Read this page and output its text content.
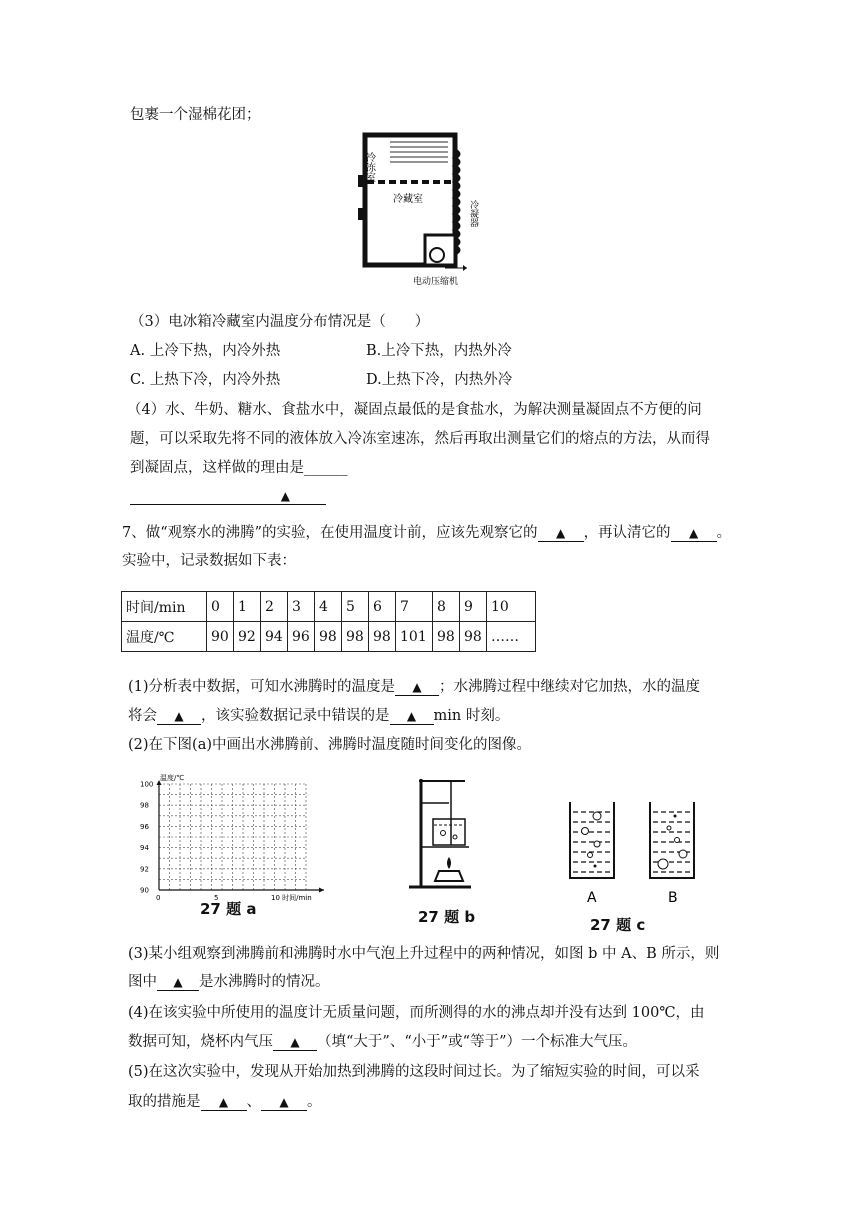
包裹一个湿棉花团；
冷冻室
冷藏室
冷凝器
电动压缩机
（3）电冰箱冷藏室内温度分布情况是（　　）
A. 上冷下热，内冷外热	B.上冷下热，内热外冷
C. 上热下冷，内冷外热	D.上热下冷，内热外冷
（4）水、牛奶、糖水、食盐水中，凝固点最低的是食盐水，为解决测量凝固点不方便的问
题，可以采取先将不同的液体放入冷冻室速冻，然后再取出测量它们的熔点的方法，从而得
到凝固点，这样做的理由是______
▲
7、做“观察水的沸腾”的实验，在使用温度计前，应该先观察它的 ▲ ，再认清它的 ▲ 。
实验中，记录数据如下表：
时间/min	0	1	2	3	4	5	6	7	8	9	10
温度/℃	90	92	94	96	98	98	98	101	98	98	……
(1)分析表中数据，可知水沸腾时的温度是 ▲ ；水沸腾过程中继续对它加热，水的温度
将会 ▲ ，该实验数据记录中错误的是 ▲ min 时刻。
(2)在下图(a)中画出水沸腾前、沸腾时温度随时间变化的图像。
温度/℃
100
98
96
94
92
90
0	5	10 时间/min
27 题 a	27 题 b
A	B
27 题 c
(3)某小组观察到沸腾前和沸腾时水中气泡上升过程中的两种情况，如图 b 中 A、B 所示，则
图中 ▲ 是水沸腾时的情况。
(4)在该实验中所使用的温度计无质量问题，而所测得的水的沸点却并没有达到 100℃，由
数据可知，烧杯内气压 ▲ （填“大于”、“小于”或“等于”）一个标准大气压。
(5)在这次实验中，发现从开始加热到沸腾的这段时间过长。为了缩短实验的时间，可以采
取的措施是 ▲ 、 ▲ 。
